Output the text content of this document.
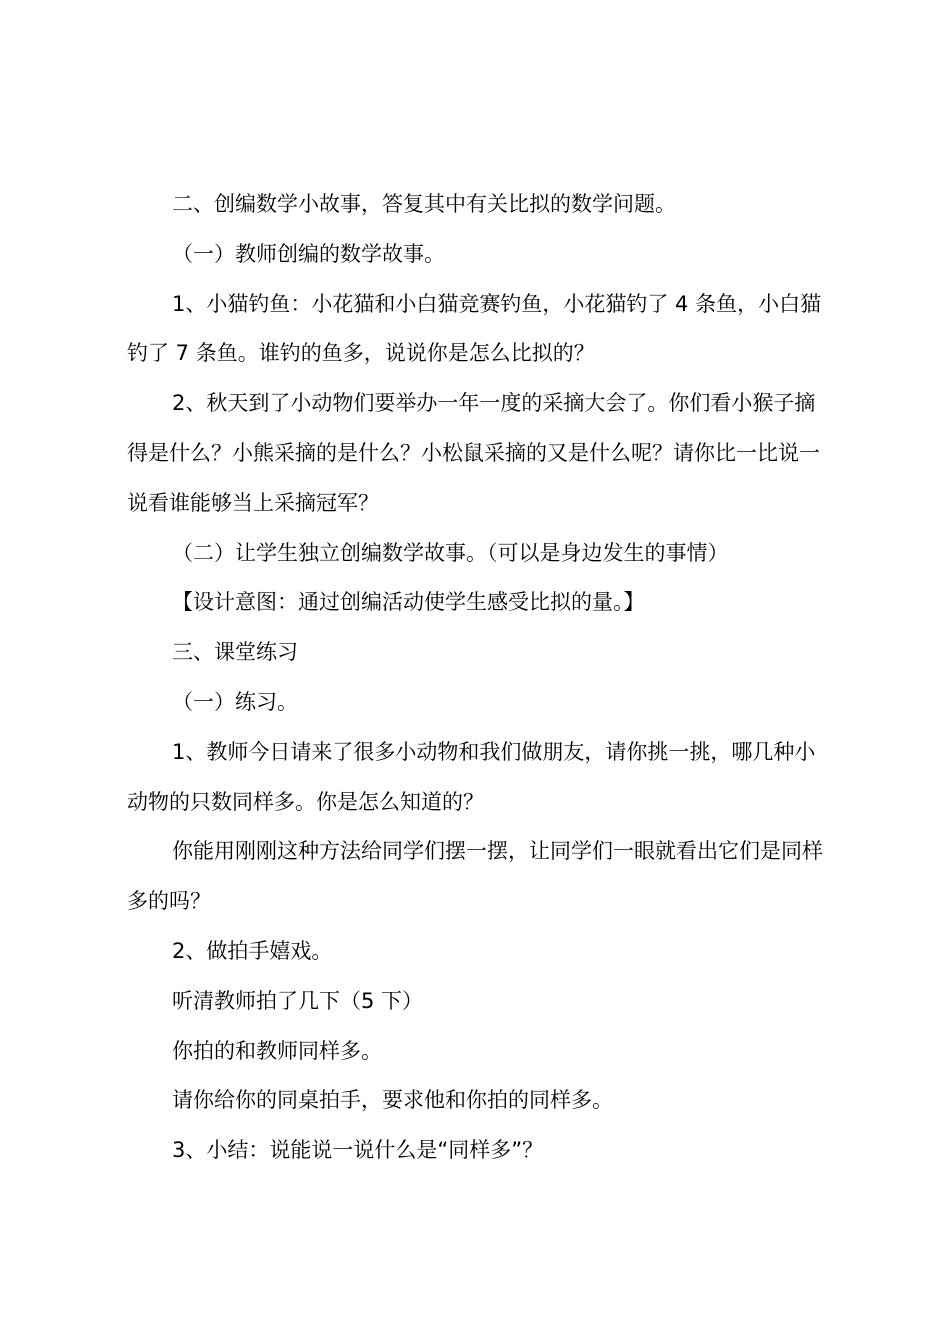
二、创编数学小故事，答复其中有关比拟的数学问题。

（一）教师创编的数学故事。

1、小猫钓鱼：小花猫和小白猫竞赛钓鱼，小花猫钓了 4 条鱼，小白猫钓了 7 条鱼。谁钓的鱼多，说说你是怎么比拟的？

2、秋天到了小动物们要举办一年一度的采摘大会了。你们看小猴子摘得是什么？小熊采摘的是什么？小松鼠采摘的又是什么呢？请你比一比说一说看谁能够当上采摘冠军？

（二）让学生独立创编数学故事。（可以是身边发生的事情）

【设计意图：通过创编活动使学生感受比拟的量。】

三、课堂练习

（一）练习。

1、教师今日请来了很多小动物和我们做朋友，请你挑一挑，哪几种小动物的只数同样多。你是怎么知道的？

你能用刚刚这种方法给同学们摆一摆，让同学们一眼就看出它们是同样多的吗？

2、做拍手嬉戏。

听清教师拍了几下（5 下）

你拍的和教师同样多。

请你给你的同桌拍手，要求他和你拍的同样多。

3、小结：说能说一说什么是“同样多”？
